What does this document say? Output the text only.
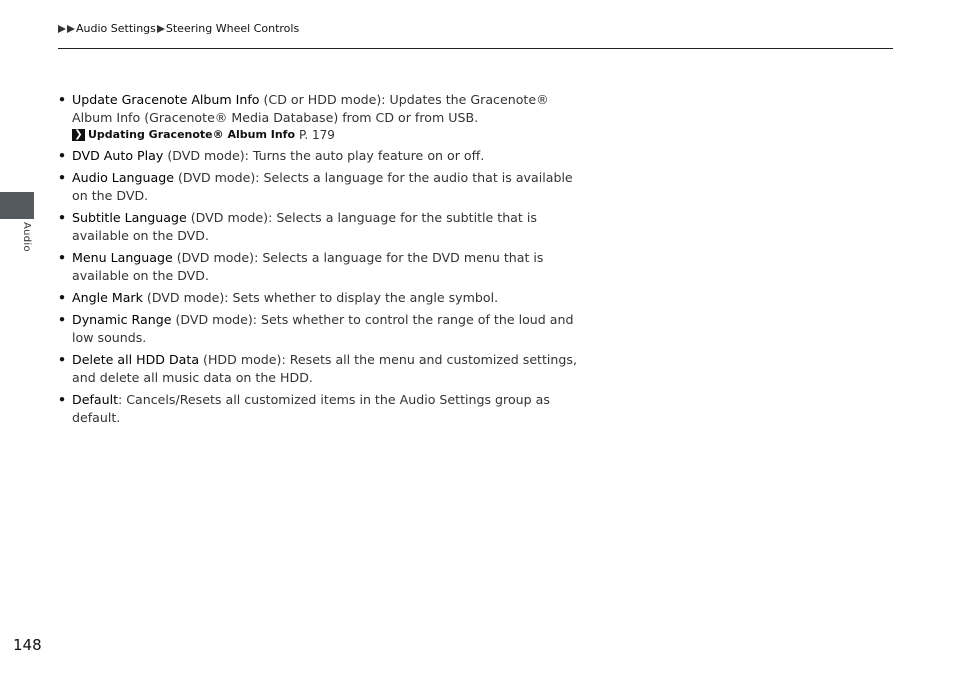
Audio Settings Steering Wheel Controls
Audio
• Update Gracenote Album Info (CD or HDD mode): Updates the Gracenote® Album Info (Gracenote® Media Database) from CD or from USB.
❯ Updating Gracenote® Album Info P. 179
• DVD Auto Play (DVD mode): Turns the auto play feature on or off.
• Audio Language (DVD mode): Selects a language for the audio that is available on the DVD.
• Subtitle Language (DVD mode): Selects a language for the subtitle that is available on the DVD.
• Menu Language (DVD mode): Selects a language for the DVD menu that is available on the DVD.
• Angle Mark (DVD mode): Sets whether to display the angle symbol.
• Dynamic Range (DVD mode): Sets whether to control the range of the loud and low sounds.
• Delete all HDD Data (HDD mode): Resets all the menu and customized settings, and delete all music data on the HDD.
• Default: Cancels/Resets all customized items in the Audio Settings group as default.
148
